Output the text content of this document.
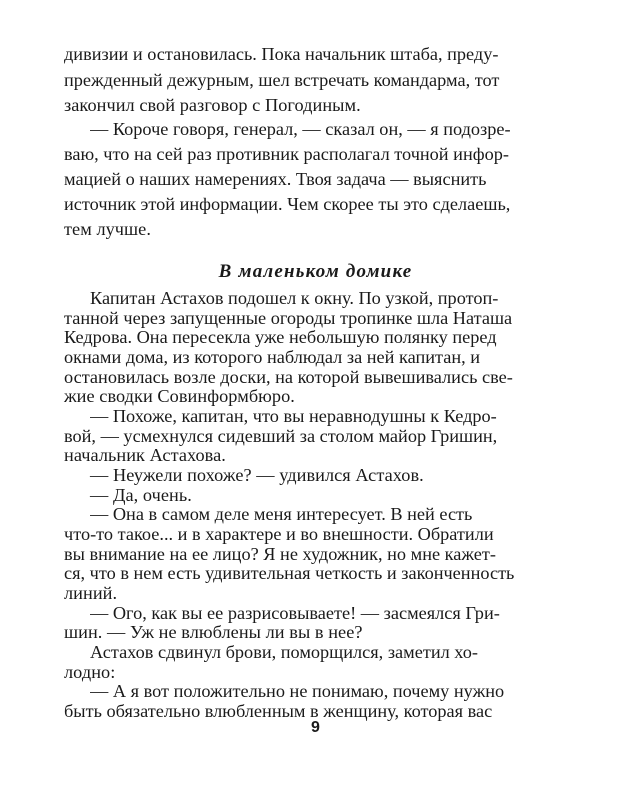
дивизии и остановилась. Пока начальник штаба, преду-
прежденный дежурным, шел встречать командарма, тот
закончил свой разговор с Погодиным.
— Короче говоря, генерал, — сказал он, — я подозре-
ваю, что на сей раз противник располагал точной инфор-
мацией о наших намерениях. Твоя задача — выяснить
источник этой информации. Чем скорее ты это сделаешь,
тем лучше.
В маленьком домике
Капитан Астахов подошел к окну. По узкой, протоп-
танной через запущенные огороды тропинке шла Наташа
Кедрова. Она пересекла уже небольшую полянку перед
окнами дома, из которого наблюдал за ней капитан, и
остановилась возле доски, на которой вывешивались све-
жие сводки Совинформбюро.
— Похоже, капитан, что вы неравнодушны к Кедро-
вой, — усмехнулся сидевший за столом майор Гришин,
начальник Астахова.
— Неужели похоже? — удивился Астахов.
— Да, очень.
— Она в самом деле меня интересует. В ней есть
что-то такое... и в характере и во внешности. Обратили
вы внимание на ее лицо? Я не художник, но мне кажет-
ся, что в нем есть удивительная четкость и законченность
линий.
— Ого, как вы ее разрисовываете! — засмеялся Гри-
шин. — Уж не влюблены ли вы в нее?
Астахов сдвинул брови, поморщился, заметил хо-
лодно:
— А я вот положительно не понимаю, почему нужно
быть обязательно влюбленным в женщину, которая вас
9
